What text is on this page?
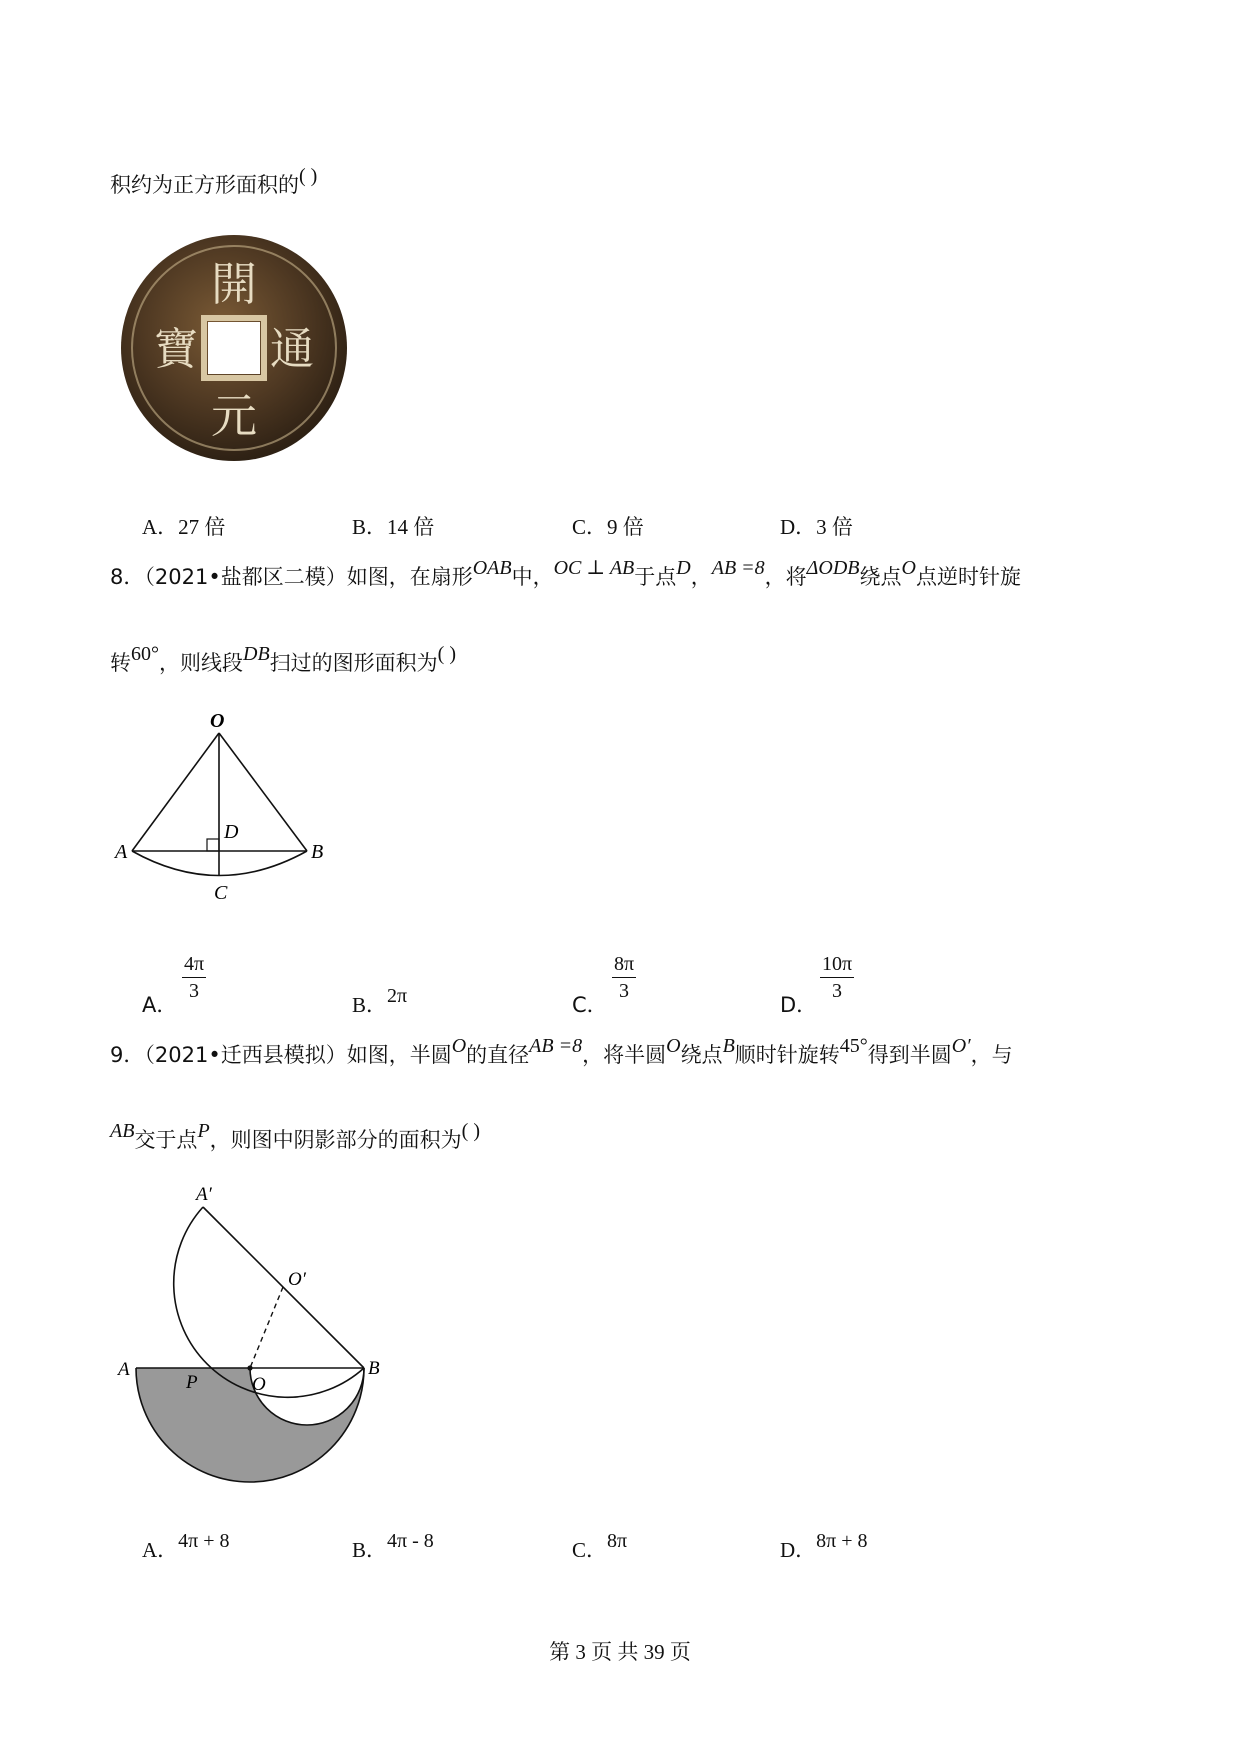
积约为正方形面积的( )
開
通
元
寶
A．27 倍	B．14 倍	C．9 倍	D．3 倍
8．（2021•盐都区二模）如图，在扇形OAB中，OC ⊥ AB于点D，AB =8，将ΔODB绕点O点逆时针旋
转60°，则线段DB扫过的图形面积为( )
O
A	B
D
C
A．
$\frac{4\pi}{3}$
B．2π	C．
$\frac{8\pi}{3}$
D．
$\frac{10\pi}{3}$
9．（2021•迁西县模拟）如图，半圆O的直径AB =8，将半圆O绕点B顺时针旋转45°得到半圆O′，与
AB交于点P，则图中阴影部分的面积为( )
A′
O′
A
P	O
B
A．4π + 8	B．4π - 8	C．8π	D．8π + 8
第 3 页 共 39 页
